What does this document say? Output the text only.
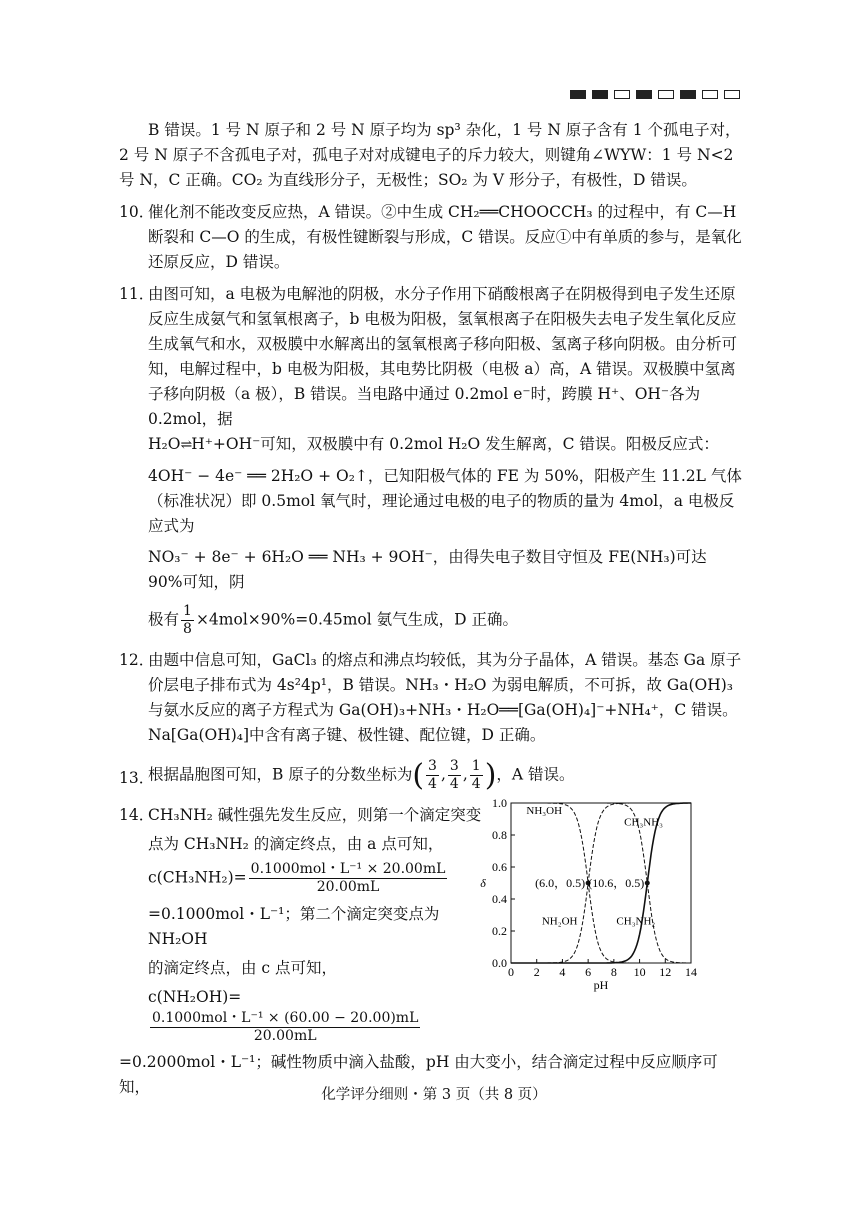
B 错误。1 号 N 原子和 2 号 N 原子均为 sp³ 杂化，1 号 N 原子含有 1 个孤电子对，2 号 N 原子不含孤电子对，孤电子对对成键电子的斥力较大，则键角∠WYW：1 号 N<2 号 N，C 正确。CO₂ 为直线形分子，无极性；SO₂ 为 V 形分子，有极性，D 错误。

10．

催化剂不能改变反应热，A 错误。②中生成 CH₂══CHOOCCH₃ 的过程中，有 C—H 断裂和 C—O 的生成，有极性键断裂与形成，C 错误。反应①中有单质的参与，是氧化还原反应，D 错误。

11．

由图可知，a 电极为电解池的阴极，水分子作用下硝酸根离子在阴极得到电子发生还原反应生成氨气和氢氧根离子，b 电极为阳极，氢氧根离子在阳极失去电子发生氧化反应生成氧气和水，双极膜中水解离出的氢氧根离子移向阳极、氢离子移向阴极。由分析可知，电解过程中，b 电极为阳极，其电势比阴极（电极 a）高，A 错误。双极膜中氢离子移向阴极（a 极），B 错误。当电路中通过 0.2mol e⁻时，跨膜 H⁺、OH⁻各为 0.2mol，据

H₂O⇌H⁺+OH⁻可知，双极膜中有 0.2mol H₂O 发生解离，C 错误。阳极反应式：

4OH⁻ − 4e⁻ ══ 2H₂O + O₂↑，已知阳极气体的 FE 为 50%，阳极产生 11.2L 气体（标准状况）即 0.5mol 氧气时，理论通过电极的电子的物质的量为 4mol，a 电极反应式为

NO₃⁻ + 8e⁻ + 6H₂O ══ NH₃ + 9OH⁻，由得失电子数目守恒及 FE(NH₃)可达 90%可知，阴

极有 $\frac{1}{8} \times 4mol\times 90\%=0.45mol$ 氨气生成，D 正确。

12．

由题中信息可知，GaCl₃ 的熔点和沸点均较低，其为分子晶体，A 错误。基态 Ga 原子价层电子排布式为 4s²4p¹，B 错误。NH₃・H₂O 为弱电解质，不可拆，故 Ga(OH)₃ 与氨水反应的离子方程式为 Ga(OH)₃+NH₃・H₂O══[Ga(OH)₄]⁻+NH₄⁺，C 错误。Na[Ga(OH)₄]中含有离子键、极性键、配位键，D 正确。

13．

根据晶胞图可知，B 原子的分数坐标为( $\frac{3}{4}$ , $\frac{3}{4}$ , $\frac{1}{4}$ )，A 错误。

14．

CH₃NH₂ 碱性强先发生反应，则第一个滴定突变

点为 CH₃NH₂ 的滴定终点，由 a 点可知，

$c(CH_3NH_2)= \frac{\text{0.1000mol・L⁻¹ × 20.00mL}}{20.00mL}$

=0.1000mol・L⁻¹；第二个滴定突变点为 NH₂OH

的滴定终点，由 c 点可知，

c(NH₂OH)=
$\frac{\text{0.1000mol・L⁻¹ × (60.00 − 20.00)mL}}{20.00mL}$

0 2 4 6 8 10 12 14
0.0
0.2
0.4
0.6
0.8
1.0
pH
δ
NH₃OH
NH₂OH
CH₃NH₃
CH₃NH₂
(6.0，0.5) (10.6，0.5)

=0.2000mol・L⁻¹；碱性物质中滴入盐酸，pH 由大变小，结合滴定过程中反应顺序可知，	化学评分细则・第 3 页（共 8 页）
